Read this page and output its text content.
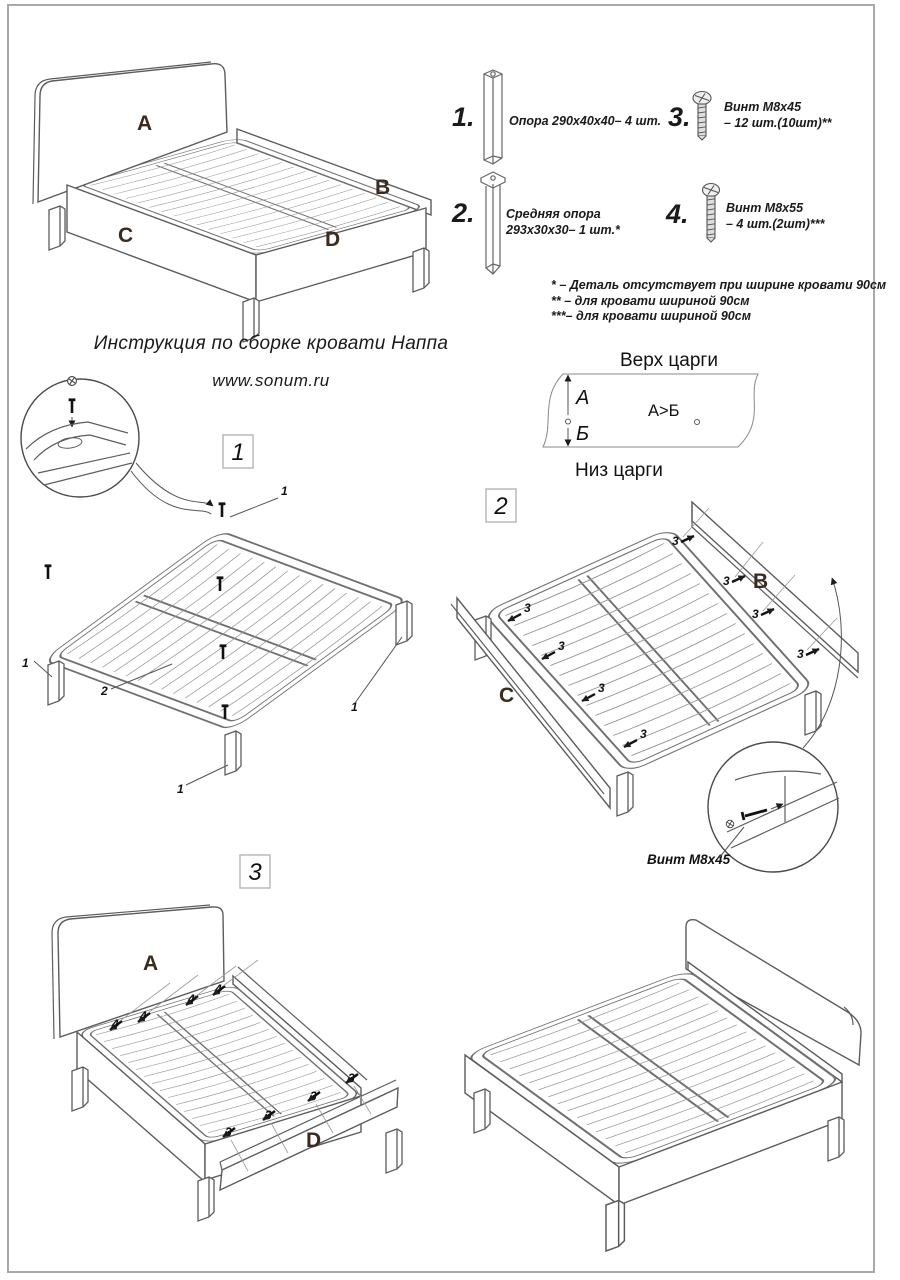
A
B
C	D
1.	Опора 290х40х40– 4 шт.
2.	Средняя опора
293х30х30– 1 шт.*
3.	Винт М8х45
– 12 шт.(10шт)**
4.	Винт М8х55
– 4 шт.(2шт)***
* – Деталь отсутствует при ширине кровати 90см
** – для кровати шириной 90см
***– для кровати шириной 90см
Верх царги
А
Б
А>Б
Низ царги
Инструкция по сборке кровати Наппа
www.sonum.ru
1
1
1
1
1
2
2
B
C
3
3
3
3
3
3
3
3
Винт М8х45
3
A
D
4
4
4
4
3
3
3
3
